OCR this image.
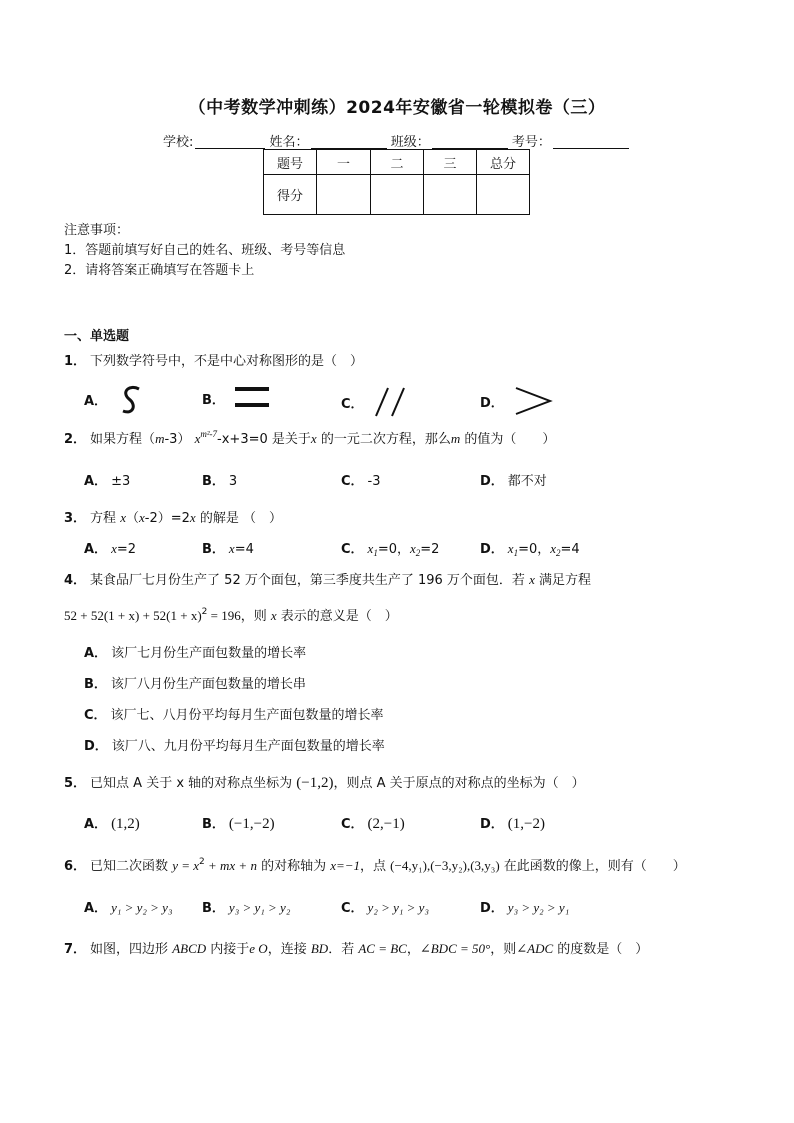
（中考数学冲刺练）2024年安徽省一轮模拟卷（三）
学校:	姓名：	班级：	考号：
题号	一	二	三	总分
得分				
注意事项：
1．答题前填写好自己的姓名、班级、考号等信息
2．请将答案正确填写在答题卡上
一、单选题
1． 下列数学符号中，不是中心对称图形的是（　）
A．	B．	C．	D．
2． 如果方程（m-3） $x^{m^2-7}-x+3=0$ 是关于x 的一元二次方程，那么m 的值为（　　）
A． ±3	B． 3	C． -3	D． 都不对
3． 方程 x（x-2）=2x 的解是 （　）
A． x=2	B． x=4	C． $x_1=0$，$x_2=2$	D． $x_1=0$，$x_2=4$
4． 某食品厂七月份生产了 52 万个面包，第三季度共生产了 196 万个面包．若 x 满足方程
$52 + 52(1 + x) + 52(1 + x)^2 = 196$，则 x 表示的意义是（　）
A． 该厂七月份生产面包数量的增长率
B． 该厂八月份生产面包数量的增长串
C． 该厂七、八月份平均每月生产面包数量的增长率
D． 该厂八、九月份平均每月生产面包数量的增长率
5． 已知点 A 关于 x 轴的对称点坐标为 (−1,2)，则点 A 关于原点的对称点的坐标为（　）
A． (1,2)	B． (−1,−2)	C． (2,−1)	D． (1,−2)
6． 已知二次函数 $y = x^2$ + mx + n 的对称轴为 x=−1，点 (−4,y₁),(−3,y₂),(3,y₃) 在此函数的像上，则有（　　）
A． y₁ > y₂ > y₃ B． y₃ > y₁ > y₂	C． y₂ > y₁ > y₃	D． y₃ > y₂ > y₁
7． 如图，四边形 ABCD 内接于e O，连接 BD．若 AC = BC，∠BDC = 50°，则∠ADC 的度数是（　）
